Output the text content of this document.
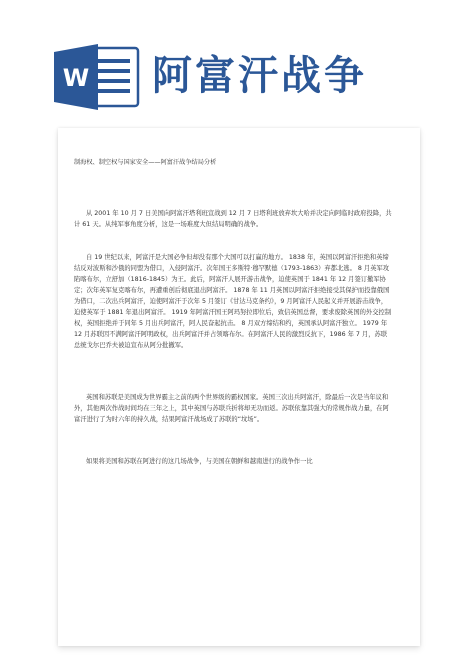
W 阿富汗战争

制海权、制空权与国家安全——阿富汗战争结局分析

从 2001 年 10 月 7 日美国向阿富汗塔利班宣战到 12 月 7 日塔利班放弃坎大哈并决定向阿临时政府投降，共计 61 天。从纯军事角度分析，这是一场难度大但结局明确的战争。

自 19 世纪以来，阿富汗是大国必争但却没有那个大国可以打赢的地方。 1838 年，英国以阿富汗拒绝和英缔结反对波斯和沙俄的同盟为借口，入侵阿富汗。次年国王多斯特·穆罕默德（1793-1863）弃都北逃。 8 月英军攻陷喀布尔，立舒加（1816-1845）为王。此后，阿富汗人展开游击战争，迫使英国于 1841 年 12 月签订撤军协定；次年英军复克喀布尔，再遭重创后彻底退出阿富汗。 1878 年 11 月英国以阿富汗拒绝接受其保护而投靠俄国为借口，二次出兵阿富汗，迫使阿富汗于次年 5 月签订《甘达马克条约》，9 月阿富汗人民起义并开展游击战争，迫使英军于 1881 年退出阿富汗。 1919 年阿富汗国王阿玛努拉即位后，致信英国总督，要求废除英国的外交控制权，英国拒绝并于同年 5 月出兵阿富汗，阿人民奋起抗击。 8 月双方缔结和约，英国承认阿富汗独立。 1979 年 12 月苏联因不满阿富汗阿明政权，出兵阿富汗并占领喀布尔。在阿富汗人民的激烈反抗下，1986 年 7 月，苏联总统戈尔巴乔夫被迫宣布从阿分批撤军。

英国和苏联是美国成为世界霸主之前的两个世界级的霸权国家。英国三次出兵阿富汗，除最后一次是当年议和外，其他两次作战时间均在三年之上，其中英国与苏联兵折将却无功而返。苏联依靠其强大的常规作战力量，在阿富汗进行了为时六年的持久战，结果阿富汗战场成了苏联的“坟场”。

如果将美国和苏联在阿进行的这几场战争，与美国在朝鲜和越南进行的战争作一比
